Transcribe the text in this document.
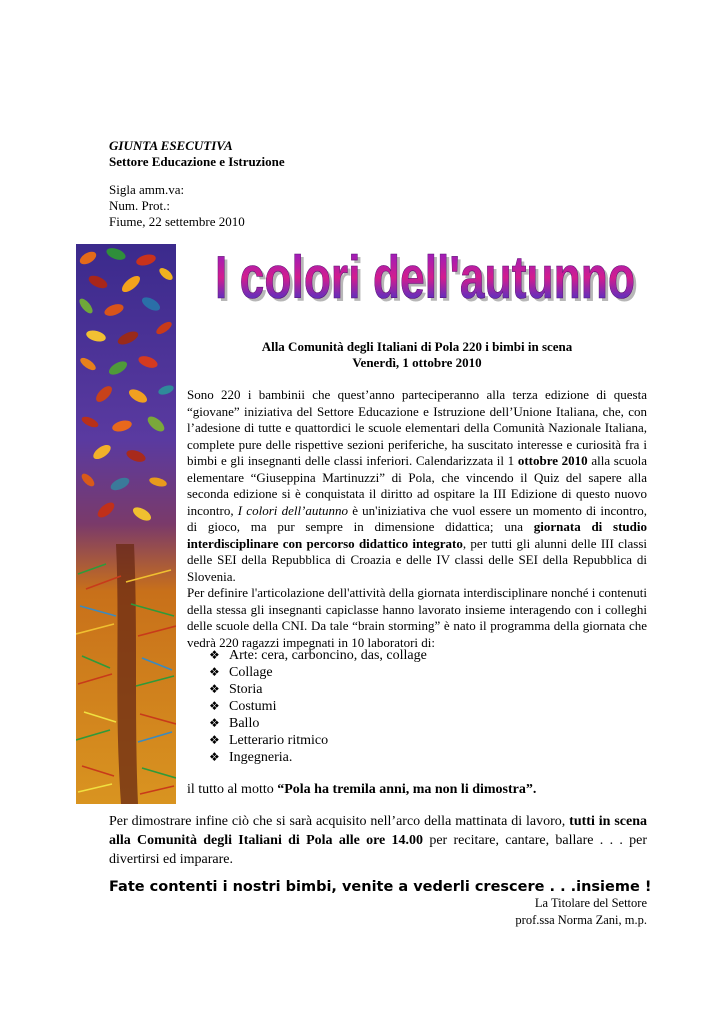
GIUNTA ESECUTIVA
Settore Educazione e Istruzione
Sigla amm.va:
Num. Prot.:
Fiume, 22 settembre 2010
I colori dell'autunno
I colori dell'autunno
Alla Comunità degli Italiani di Pola 220 i bimbi in scena
Venerdì, 1 ottobre 2010
Sono 220 i bambinii che quest’anno parteciperanno alla terza edizione di questa “giovane” iniziativa del Settore Educazione e Istruzione dell’Unione Italiana, che, con l’adesione di tutte e quattordici le scuole elementari della Comunità Nazionale Italiana, complete pure delle rispettive sezioni periferiche, ha suscitato interesse e curiosità fra i bimbi e gli insegnanti delle classi inferiori. Calendarizzata il 1 ottobre 2010 alla scuola elementare “Giuseppina Martinuzzi” di Pola, che vincendo il Quiz del sapere alla seconda edizione si è conquistata il diritto ad ospitare la III Edizione di questo nuovo incontro, I colori dell’autunno è un'iniziativa che vuol essere un momento di incontro, di gioco, ma pur sempre in dimensione didattica; una giornata di studio interdisciplinare con percorso didattico integrato, per tutti gli alunni delle III classi delle SEI della Repubblica di Croazia e delle IV classi delle SEI della Repubblica di Slovenia.
Per definire l'articolazione dell'attività della giornata interdisciplinare nonché i contenuti della stessa gli insegnanti capiclasse hanno lavorato insieme interagendo con i colleghi delle scuole della CNI. Da tale “brain storming” è nato il programma della giornata che vedrà 220 ragazzi impegnati in 10 laboratori di:
❖ Arte: cera, carboncino, das, collage
❖ Collage
❖ Storia
❖ Costumi
❖ Ballo
❖ Letterario ritmico
❖ Ingegneria.
il tutto al motto “Pola ha tremila anni, ma non li dimostra”.
Per dimostrare infine ciò che si sarà acquisito nell’arco della mattinata di lavoro, tutti in scena alla Comunità degli Italiani di Pola alle ore 14.00 per recitare, cantare, ballare . . . per divertirsi ed imparare.
Fate contenti i nostri bimbi, venite a vederli crescere . . .insieme !
La Titolare del Settore
prof.ssa Norma Zani, m.p.
